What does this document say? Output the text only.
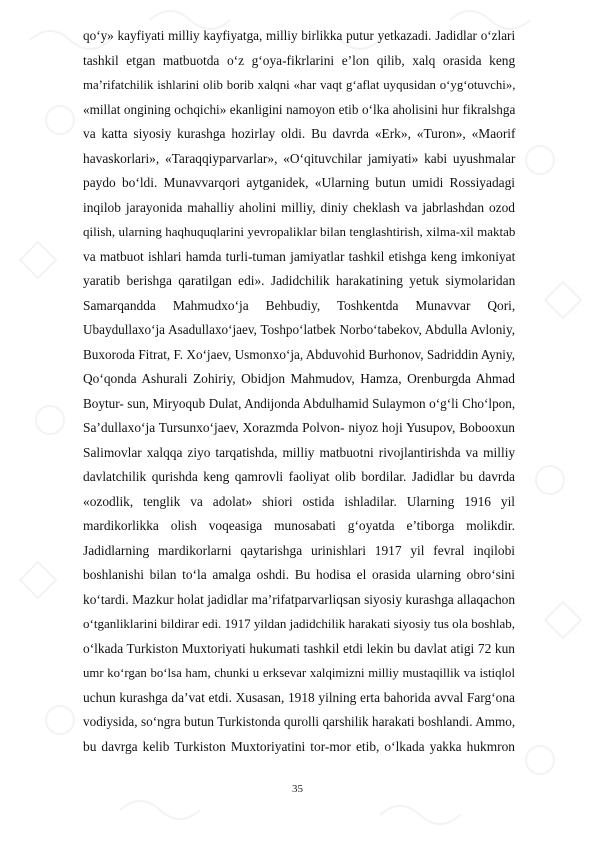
qo‘y» kayfiyati milliy kayfiyatga, milliy birlikka putur yetkazadi. Jadidlar o‘zlari
tashkil etgan matbuotda o‘z g‘oya-fikrlarini e’lon qilib, xalq orasida keng
ma’rifatchilik ishlarini olib borib xalqni «har vaqt g‘aflat uyqusidan o‘yg‘otuvchi»,
«millat ongining ochqichi» ekanligini namoyon etib o‘lka aholisini hur fikralshga
va katta siyosiy kurashga hozirlay oldi. Bu davrda «Erk», «Turon», «Maorif
havaskorlari», «Taraqqiyparvarlar», «O‘qituvchilar jamiyati» kabi uyushmalar
paydo bo‘ldi. Munavvarqori aytganidek, «Ularning butun umidi Rossiyadagi
inqilob jarayonida mahalliy aholini milliy, diniy cheklash va jabrlashdan ozod
qilish, ularning haqhuquqlarini yevropaliklar bilan tenglashtirish, xilma-xil maktab
va matbuot ishlari hamda turli-tuman jamiyatlar tashkil etishga keng imkoniyat
yaratib berishga qaratilgan edi». Jadidchilik harakatining yetuk siymolaridan
Samarqandda Mahmudxo‘ja Behbudiy, Toshkentda Munavvar Qori,
Ubaydullaxo‘ja Asadullaxo‘jaev, Toshpo‘latbek Norbo‘tabekov, Abdulla Avloniy,
Buxoroda Fitrat, F. Xo‘jaev, Usmonxo‘ja, Abduvohid Burhonov, Sadriddin Ayniy,
Qo‘qonda Ashurali Zohiriy, Obidjon Mahmudov, Hamza, Orenburgda Ahmad
Boytur- sun, Miryoqub Dulat, Andijonda Abdulhamid Sulaymon o‘g‘li Cho‘lpon,
Sa’dullaxo‘ja Tursunxo‘jaev, Xorazmda Polvon- niyoz hoji Yusupov, Bobooxun
Salimovlar xalqqa ziyo tarqatishda, milliy matbuotni rivojlantirishda va milliy
davlatchilik qurishda keng qamrovli faoliyat olib bordilar. Jadidlar bu davrda
«ozodlik, tenglik va adolat» shiori ostida ishladilar. Ularning 1916 yil
mardikorlikka olish voqeasiga munosabati g‘oyatda e’tiborga molikdir.
Jadidlarning mardikorlarni qaytarishga urinishlari 1917 yil fevral inqilobi
boshlanishi bilan to‘la amalga oshdi. Bu hodisa el orasida ularning obro‘sini
ko‘tardi. Mazkur holat jadidlar ma’rifatparvarliqsan siyosiy kurashga allaqachon
o‘tganliklarini bildirar edi. 1917 yildan jadidchilik harakati siyosiy tus ola boshlab,
o‘lkada Turkiston Muxtoriyati hukumati tashkil etdi lekin bu davlat atigi 72 kun
umr ko‘rgan bo‘lsa ham, chunki u erksevar xalqimizni milliy mustaqillik va istiqlol
uchun kurashga da’vat etdi. Xusasan, 1918 yilning erta bahorida avval Farg‘ona
vodiysida, so‘ngra butun Turkistonda qurolli qarshilik harakati boshlandi. Ammo,
bu davrga kelib Turkiston Muxtoriyatini tor-mor etib, o‘lkada yakka hukmron
35
